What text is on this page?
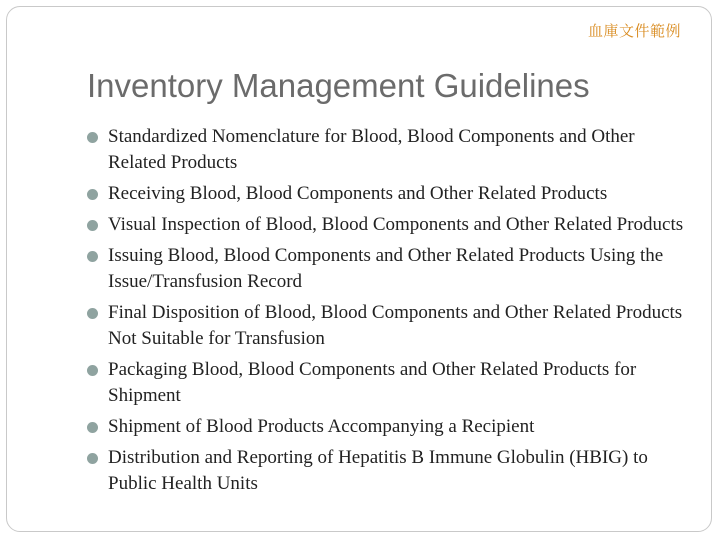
血庫文件範例
Inventory Management Guidelines
Standardized Nomenclature for Blood, Blood Components and Other Related Products
Receiving Blood, Blood Components and Other Related Products
Visual Inspection of Blood, Blood Components and Other Related Products
Issuing Blood, Blood Components and Other Related Products Using the Issue/Transfusion Record
Final Disposition of Blood, Blood Components and Other Related Products Not Suitable for Transfusion
Packaging Blood, Blood Components and Other Related Products for Shipment
Shipment of Blood Products Accompanying a Recipient
Distribution and Reporting of Hepatitis B Immune Globulin (HBIG) to Public Health Units
